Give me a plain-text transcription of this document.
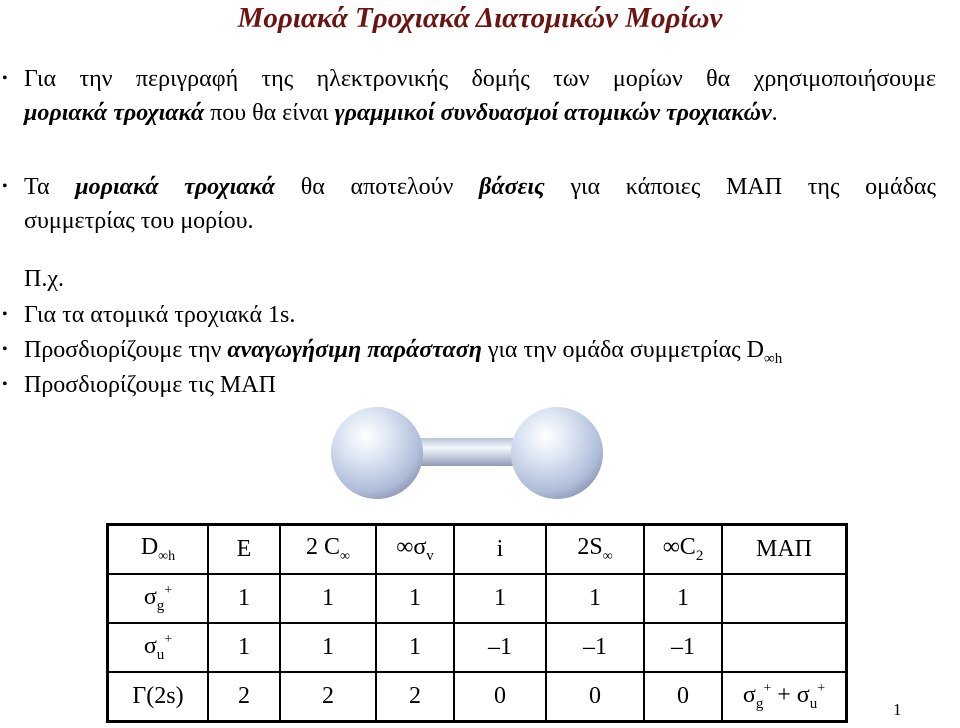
Μοριακά Τροχιακά Διατομικών Μορίων
• Για την περιγραφή της ηλεκτρονικής δομής των μορίων θα χρησιμοποιήσουμε
μοριακά τροχιακά που θα είναι γραμμικοί συνδυασμοί ατομικών τροχιακών.
• Τα μοριακά τροχιακά θα αποτελούν βάσεις για κάποιες ΜΑΠ της ομάδας
συμμετρίας του μορίου.
Π.χ.
• Για τα ατομικά τροχιακά 1s.
• Προσδιορίζουμε την αναγωγήσιμη παράσταση για την ομάδα συμμετρίας $D_{\infty h}$
• Προσδιορίζουμε τις ΜΑΠ
$D_{\infty h}$	E	2 $C_\infty$	$\infty\sigma_v$	i	$2S_\infty$	$\infty C_2$	ΜΑΠ
$\sigma_g^+$	1	1	1	1	1	1	
$\sigma_u^+$	1	1	1	–1	–1	–1	
Γ(2s)	2	2	2	0	0	0	$\sigma_g^+ + \sigma_u^+$
1
